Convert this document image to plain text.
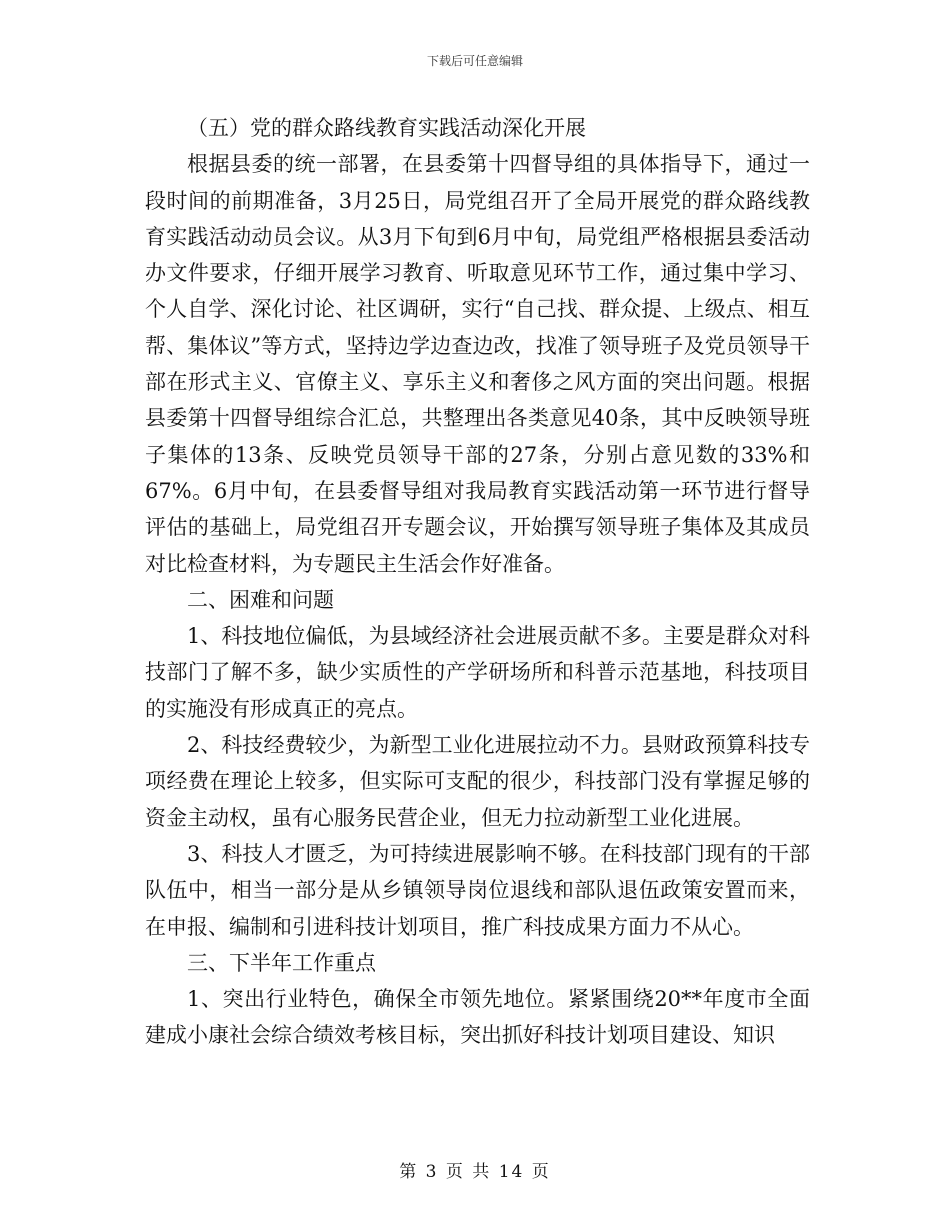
下载后可任意编辑

（五）党的群众路线教育实践活动深化开展

根据县委的统一部署，在县委第十四督导组的具体指导下，通过一段时间的前期准备，3月25日，局党组召开了全局开展党的群众路线教育实践活动动员会议。从3月下旬到6月中旬，局党组严格根据县委活动办文件要求，仔细开展学习教育、听取意见环节工作，通过集中学习、个人自学、深化讨论、社区调研，实行“自己找、群众提、上级点、相互帮、集体议”等方式，坚持边学边查边改，找准了领导班子及党员领导干部在形式主义、官僚主义、享乐主义和奢侈之风方面的突出问题。根据县委第十四督导组综合汇总，共整理出各类意见40条，其中反映领导班子集体的13条、反映党员领导干部的27条，分别占意见数的33%和67%。6月中旬，在县委督导组对我局教育实践活动第一环节进行督导评估的基础上，局党组召开专题会议，开始撰写领导班子集体及其成员对比检查材料，为专题民主生活会作好准备。

二、困难和问题

1、科技地位偏低，为县域经济社会进展贡献不多。主要是群众对科技部门了解不多，缺少实质性的产学研场所和科普示范基地，科技项目的实施没有形成真正的亮点。

2、科技经费较少，为新型工业化进展拉动不力。县财政预算科技专项经费在理论上较多，但实际可支配的很少，科技部门没有掌握足够的资金主动权，虽有心服务民营企业，但无力拉动新型工业化进展。

3、科技人才匮乏，为可持续进展影响不够。在科技部门现有的干部队伍中，相当一部分是从乡镇领导岗位退线和部队退伍政策安置而来，在申报、编制和引进科技计划项目，推广科技成果方面力不从心。

三、下半年工作重点

1、突出行业特色，确保全市领先地位。紧紧围绕20**年度市全面建成小康社会综合绩效考核目标，突出抓好科技计划项目建设、知识

第 3 页 共 14 页
